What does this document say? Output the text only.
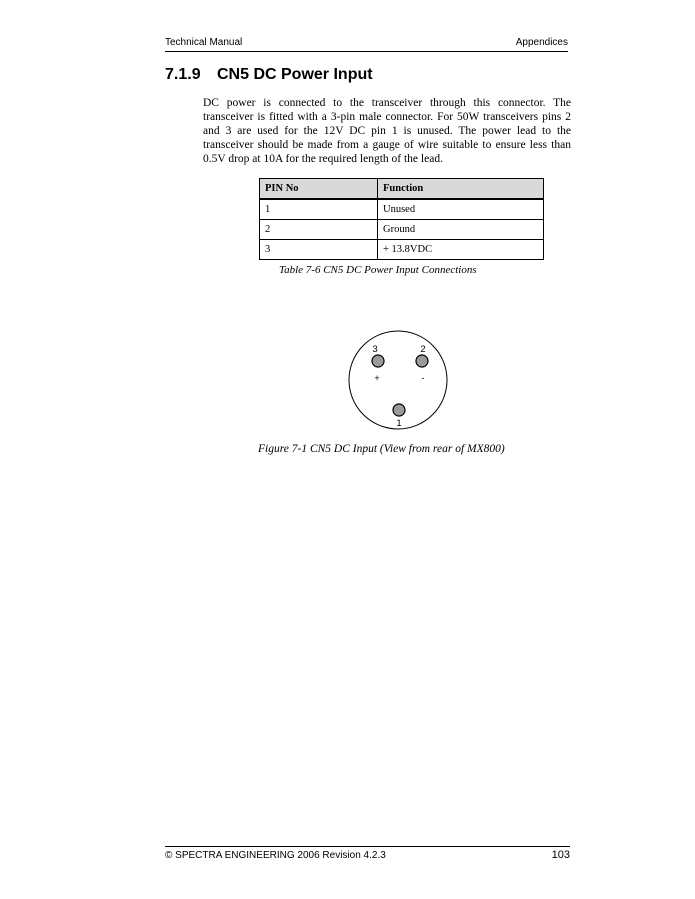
Technical Manual	Appendices
7.1.9 CN5 DC Power Input

DC power is connected to the transceiver through this connector. The transceiver is fitted with a 3-pin male connector. For 50W transceivers pins 2 and 3 are used for the 12V DC pin 1 is unused. The power lead to the transceiver should be made from a gauge of wire suitable to ensure less than 0.5V drop at 10A for the required length of the lead.

PIN No	Function
1	Unused
2	Ground
3	+ 13.8VDC
Table 7-6 CN5 DC Power Input Connections
3
+
2
-
1
Figure 7-1 CN5 DC Input (View from rear of MX800)
© SPECTRA ENGINEERING 2006 Revision 4.2.3	103
